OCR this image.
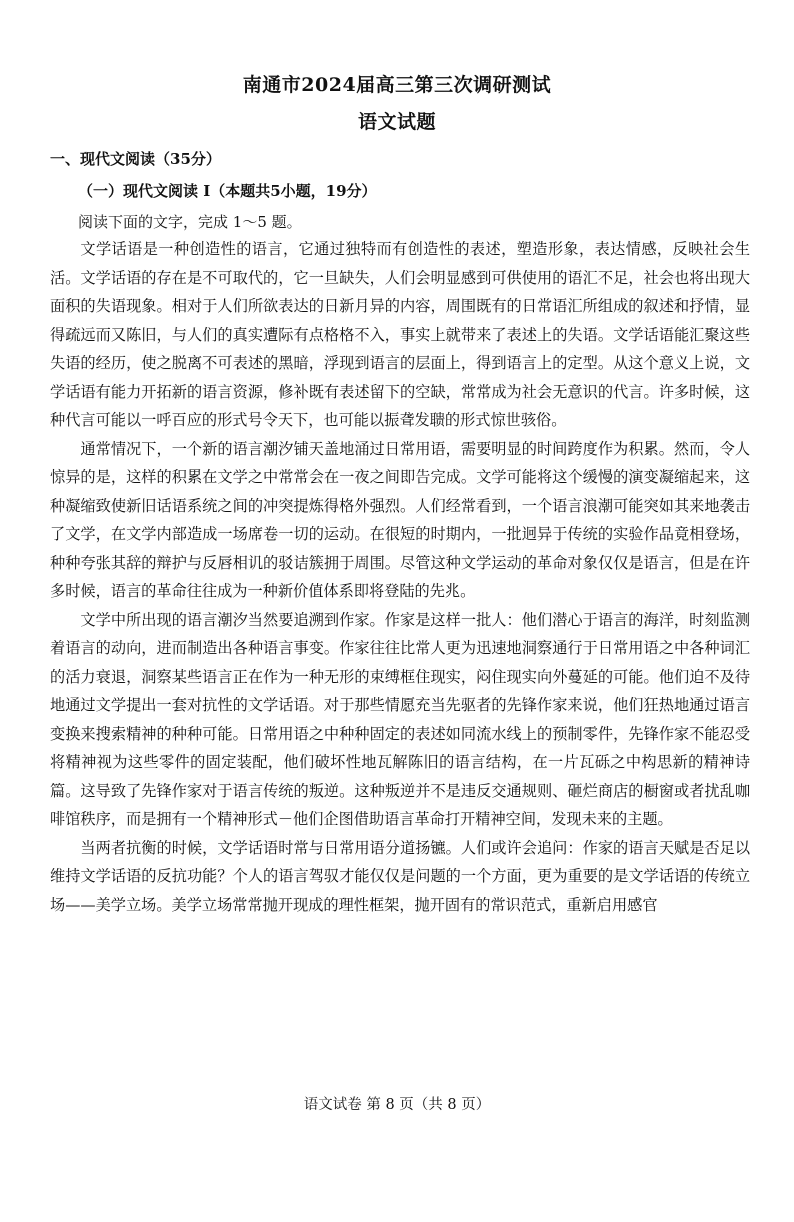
南通市2024届高三第三次调研测试
语文试题
一、现代文阅读（35分）
（一）现代文阅读 I（本题共5小题，19分）
阅读下面的文字，完成 1～5 题。

文学话语是一种创造性的语言，它通过独特而有创造性的表述，塑造形象，表达情感，反映社会生活。文学话语的存在是不可取代的，它一旦缺失，人们会明显感到可供使用的语汇不足，社会也将出现大面积的失语现象。相对于人们所欲表达的日新月异的内容，周围既有的日常语汇所组成的叙述和抒情，显得疏远而又陈旧，与人们的真实遭际有点格格不入，事实上就带来了表述上的失语。文学话语能汇聚这些失语的经历，使之脱离不可表述的黑暗，浮现到语言的层面上，得到语言上的定型。从这个意义上说，文学话语有能力开拓新的语言资源，修补既有表述留下的空缺，常常成为社会无意识的代言。许多时候，这种代言可能以一呼百应的形式号令天下，也可能以振聋发聩的形式惊世骇俗。

通常情况下，一个新的语言潮汐铺天盖地涌过日常用语，需要明显的时间跨度作为积累。然而，令人惊异的是，这样的积累在文学之中常常会在一夜之间即告完成。文学可能将这个缓慢的演变凝缩起来，这种凝缩致使新旧话语系统之间的冲突提炼得格外强烈。人们经常看到，一个语言浪潮可能突如其来地袭击了文学，在文学内部造成一场席卷一切的运动。在很短的时期内，一批迥异于传统的实验作品竟相登场，种种夸张其辞的辩护与反唇相讥的驳诘簇拥于周围。尽管这种文学运动的革命对象仅仅是语言，但是在许多时候，语言的革命往往成为一种新价值体系即将登陆的先兆。

文学中所出现的语言潮汐当然要追溯到作家。作家是这样一批人：他们潜心于语言的海洋，时刻监测着语言的动向，进而制造出各种语言事变。作家往往比常人更为迅速地洞察通行于日常用语之中各种词汇的活力衰退，洞察某些语言正在作为一种无形的束缚框住现实，闷住现实向外蔓延的可能。他们迫不及待地通过文学提出一套对抗性的文学话语。对于那些情愿充当先驱者的先锋作家来说，他们狂热地通过语言变换来搜索精神的种种可能。日常用语之中种种固定的表述如同流水线上的预制零件，先锋作家不能忍受将精神视为这些零件的固定装配，他们破坏性地瓦解陈旧的语言结构，在一片瓦砾之中构思新的精神诗篇。这导致了先锋作家对于语言传统的叛逆。这种叛逆并不是违反交通规则、砸烂商店的橱窗或者扰乱咖啡馆秩序，而是拥有一个精神形式－他们企图借助语言革命打开精神空间，发现未来的主题。

当两者抗衡的时候，文学话语时常与日常用语分道扬镳。人们或许会追问：作家的语言天赋是否足以维持文学话语的反抗功能？个人的语言驾驭才能仅仅是问题的一个方面，更为重要的是文学话语的传统立场——美学立场。美学立场常常抛开现成的理性框架，抛开固有的常识范式，重新启用感官

语文试卷 第 8 页（共 8 页）
